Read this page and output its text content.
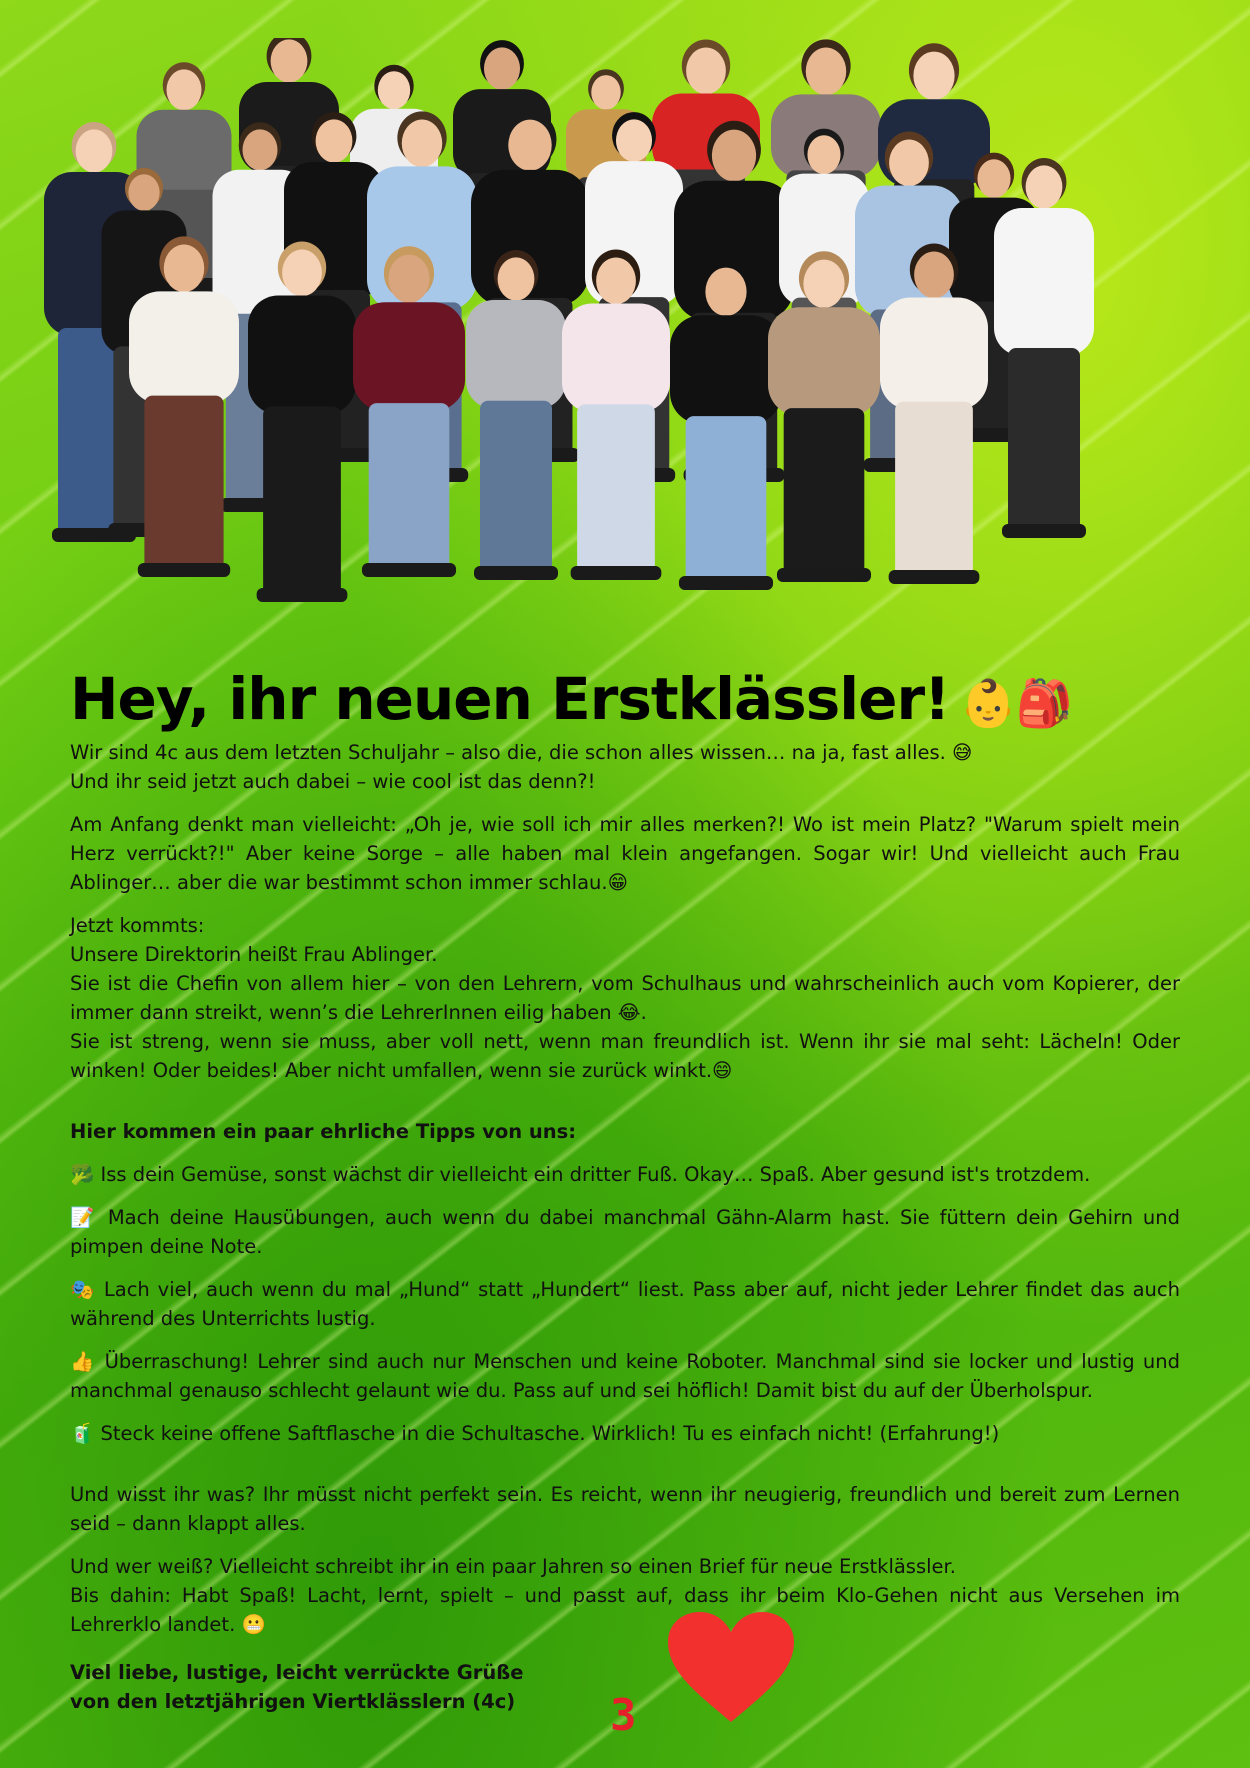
Hey, ihr neuen Erstklässler! 👶🎒

Wir sind 4c aus dem letzten Schuljahr – also die, die schon alles wissen… na ja, fast alles. 😅
Und ihr seid jetzt auch dabei – wie cool ist das denn?!

Am Anfang denkt man vielleicht: „Oh je, wie soll ich mir alles merken?! Wo ist mein Platz? "Warum spielt mein Herz verrückt?!" Aber keine Sorge – alle haben mal klein angefangen. Sogar wir! Und vielleicht auch Frau Ablinger… aber die war bestimmt schon immer schlau.😁

Jetzt kommts:
Unsere Direktorin heißt Frau Ablinger.
Sie ist die Chefin von allem hier – von den Lehrern, vom Schulhaus und wahrscheinlich auch vom Kopierer, der immer dann streikt, wenn’s die LehrerInnen eilig haben 😂.
Sie ist streng, wenn sie muss, aber voll nett, wenn man freundlich ist. Wenn ihr sie mal seht: Lächeln! Oder winken! Oder beides! Aber nicht umfallen, wenn sie zurück winkt.😄

Hier kommen ein paar ehrliche Tipps von uns:

🥦 Iss dein Gemüse, sonst wächst dir vielleicht ein dritter Fuß. Okay… Spaß. Aber gesund ist's trotzdem.

📝 Mach deine Hausübungen, auch wenn du dabei manchmal Gähn-Alarm hast. Sie füttern dein Gehirn und pimpen deine Note.

🎭 Lach viel, auch wenn du mal „Hund“ statt „Hundert“ liest. Pass aber auf, nicht jeder Lehrer findet das auch während des Unterrichts lustig.

👍 Überraschung! Lehrer sind auch nur Menschen und keine Roboter. Manchmal sind sie locker und lustig und manchmal genauso schlecht gelaunt wie du. Pass auf und sei höflich! Damit bist du auf der Überholspur.

🧃 Steck keine offene Saftflasche in die Schultasche. Wirklich! Tu es einfach nicht! (Erfahrung!)

Und wisst ihr was? Ihr müsst nicht perfekt sein. Es reicht, wenn ihr neugierig, freundlich und bereit zum Lernen seid – dann klappt alles.

Und wer weiß? Vielleicht schreibt ihr in ein paar Jahren so einen Brief für neue Erstklässler.
Bis dahin: Habt Spaß! Lacht, lernt, spielt – und passt auf, dass ihr beim Klo-Gehen nicht aus Versehen im Lehrerklo landet. 😬

Viel liebe, lustige, leicht verrückte Grüße
von den letztjährigen Viertklässlern (4c) 3
